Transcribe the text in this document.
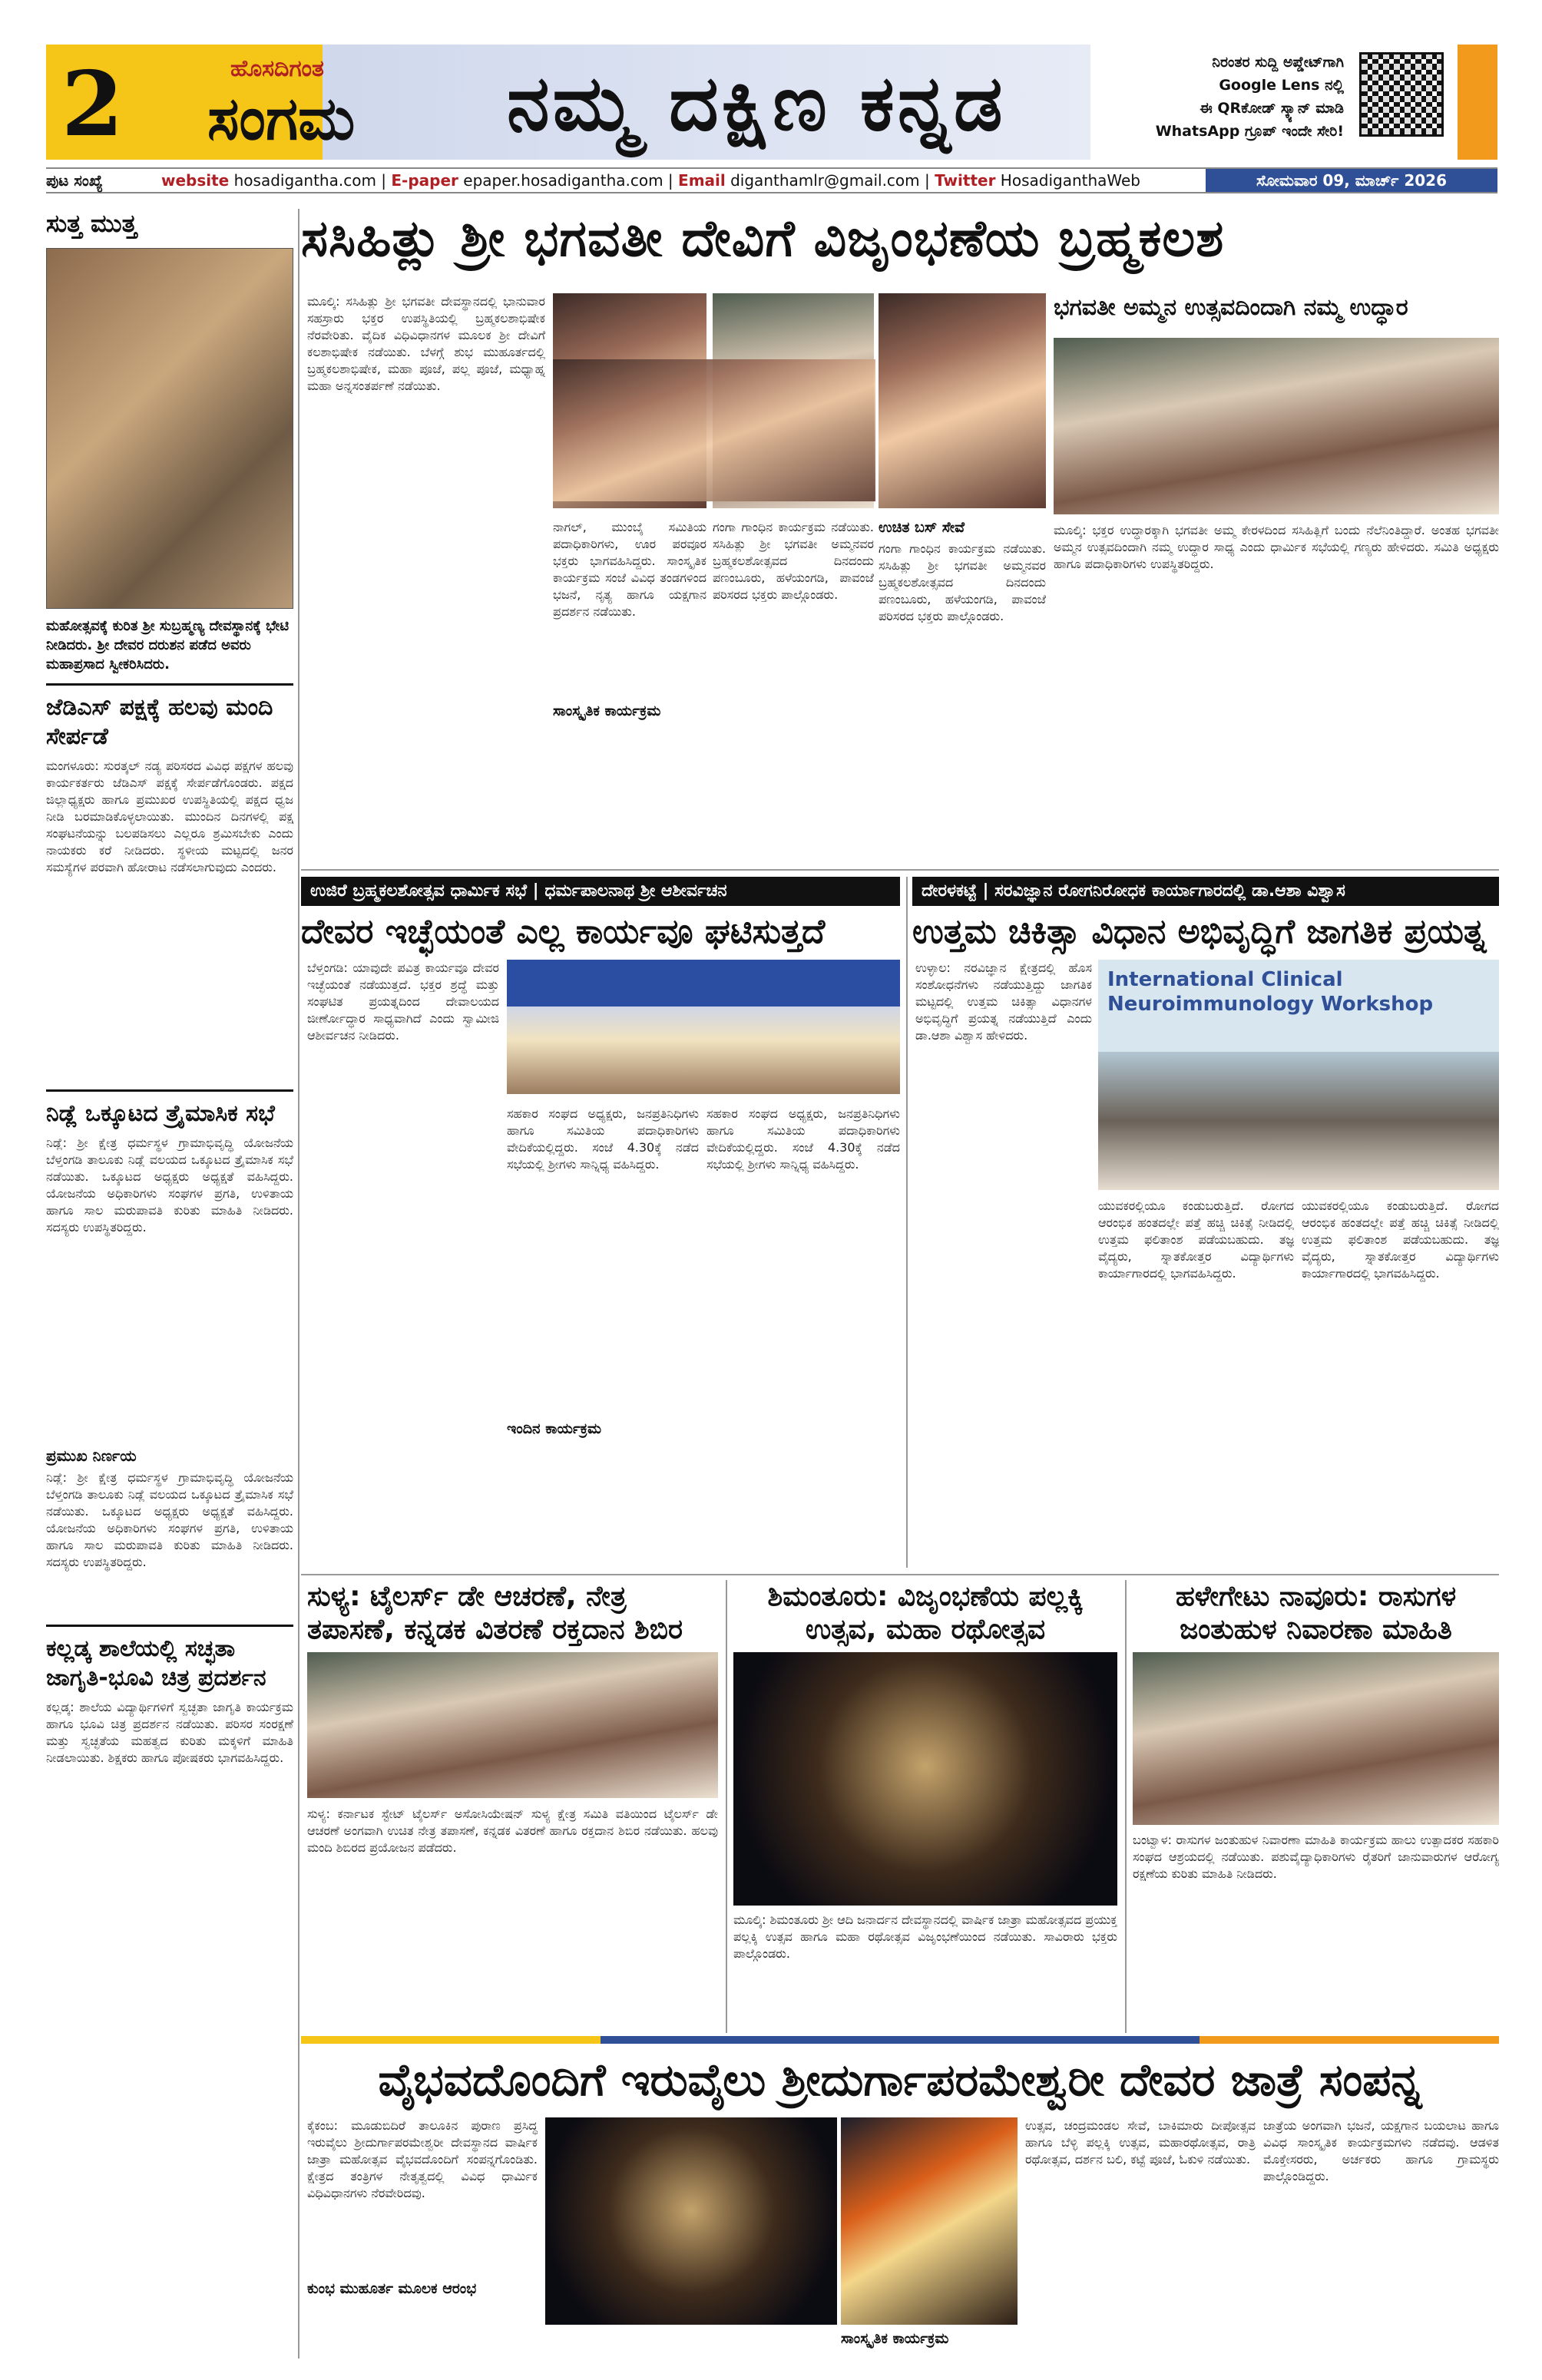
2	ಹೊಸದಿಗಂತ
ಸಂಗಮ ನಮ್ಮ ದಕ್ಷಿಣ ಕನ್ನಡ	ನಿರಂತರ ಸುದ್ದಿ ಅಪ್ಡೇಟ್‌ಗಾಗಿ
Google Lens ನಲ್ಲಿ
ಈ QRಕೋಡ್ ಸ್ಕ್ಯಾನ್ ಮಾಡಿ
WhatsApp ಗ್ರೂಪ್ ಇಂದೇ ಸೇರಿ!
ಪುಟ ಸಂಖ್ಯೆ	website hosadigantha.com | E-paper epaper.hosadigantha.com | Email diganthamlr@gmail.com | Twitter HosadiganthaWeb	ಸೋಮವಾರ 09, ಮಾರ್ಚ್ 2026
ಸುತ್ತ ಮುತ್ತ
ಮಹೋತ್ಸವಕ್ಕೆ ಕುರಿತ ಶ್ರೀ ಸುಬ್ರಹ್ಮಣ್ಯ ದೇವಸ್ಥಾನಕ್ಕೆ ಭೇಟಿ ನೀಡಿದರು. ಶ್ರೀ ದೇವರ ದರುಶನ ಪಡೆದ ಅವರು ಮಹಾಪ್ರಸಾದ ಸ್ವೀಕರಿಸಿದರು.
ಜೆಡಿಎಸ್ ಪಕ್ಷಕ್ಕೆ ಹಲವು ಮಂದಿ ಸೇರ್ಪಡೆ

ಮಂಗಳೂರು: ಸುರತ್ಕಲ್ ನಡ್ಯ ಪರಿಸರದ ವಿವಿಧ ಪಕ್ಷಗಳ ಹಲವು ಕಾರ್ಯಕರ್ತರು ಜೆಡಿಎಸ್ ಪಕ್ಷಕ್ಕೆ ಸೇರ್ಪಡೆಗೊಂಡರು. ಪಕ್ಷದ ಜಿಲ್ಲಾಧ್ಯಕ್ಷರು ಹಾಗೂ ಪ್ರಮುಖರ ಉಪಸ್ಥಿತಿಯಲ್ಲಿ ಪಕ್ಷದ ಧ್ವಜ ನೀಡಿ ಬರಮಾಡಿಕೊಳ್ಳಲಾಯಿತು. ಮುಂದಿನ ದಿನಗಳಲ್ಲಿ ಪಕ್ಷ ಸಂಘಟನೆಯನ್ನು ಬಲಪಡಿಸಲು ಎಲ್ಲರೂ ಶ್ರಮಿಸಬೇಕು ಎಂದು ನಾಯಕರು ಕರೆ ನೀಡಿದರು. ಸ್ಥಳೀಯ ಮಟ್ಟದಲ್ಲಿ ಜನರ ಸಮಸ್ಯೆಗಳ ಪರವಾಗಿ ಹೋರಾಟ ನಡೆಸಲಾಗುವುದು ಎಂದರು.

ನಿಡ್ಲೆ ಒಕ್ಕೂಟದ ತ್ರೈಮಾಸಿಕ ಸಭೆ

ನಿಡ್ಲೆ: ಶ್ರೀ ಕ್ಷೇತ್ರ ಧರ್ಮಸ್ಥಳ ಗ್ರಾಮಾಭಿವೃದ್ಧಿ ಯೋಜನೆಯ ಬೆಳ್ತಂಗಡಿ ತಾಲೂಕು ನಿಡ್ಲೆ ವಲಯದ ಒಕ್ಕೂಟದ ತ್ರೈಮಾಸಿಕ ಸಭೆ ನಡೆಯಿತು. ಒಕ್ಕೂಟದ ಅಧ್ಯಕ್ಷರು ಅಧ್ಯಕ್ಷತೆ ವಹಿಸಿದ್ದರು. ಯೋಜನೆಯ ಅಧಿಕಾರಿಗಳು ಸಂಘಗಳ ಪ್ರಗತಿ, ಉಳಿತಾಯ ಹಾಗೂ ಸಾಲ ಮರುಪಾವತಿ ಕುರಿತು ಮಾಹಿತಿ ನೀಡಿದರು. ಸದಸ್ಯರು ಉಪಸ್ಥಿತರಿದ್ದರು.

ಪ್ರಮುಖ ನಿರ್ಣಯ

ನಿಡ್ಲೆ: ಶ್ರೀ ಕ್ಷೇತ್ರ ಧರ್ಮಸ್ಥಳ ಗ್ರಾಮಾಭಿವೃದ್ಧಿ ಯೋಜನೆಯ ಬೆಳ್ತಂಗಡಿ ತಾಲೂಕು ನಿಡ್ಲೆ ವಲಯದ ಒಕ್ಕೂಟದ ತ್ರೈಮಾಸಿಕ ಸಭೆ ನಡೆಯಿತು. ಒಕ್ಕೂಟದ ಅಧ್ಯಕ್ಷರು ಅಧ್ಯಕ್ಷತೆ ವಹಿಸಿದ್ದರು. ಯೋಜನೆಯ ಅಧಿಕಾರಿಗಳು ಸಂಘಗಳ ಪ್ರಗತಿ, ಉಳಿತಾಯ ಹಾಗೂ ಸಾಲ ಮರುಪಾವತಿ ಕುರಿತು ಮಾಹಿತಿ ನೀಡಿದರು. ಸದಸ್ಯರು ಉಪಸ್ಥಿತರಿದ್ದರು.

ಕಲ್ಲಡ್ಕ ಶಾಲೆಯಲ್ಲಿ ಸಚ್ಛತಾ ಜಾಗೃತಿ-ಭೂವಿ ಚಿತ್ರ ಪ್ರದರ್ಶನ

ಕಲ್ಲಡ್ಕ: ಶಾಲೆಯ ವಿದ್ಯಾರ್ಥಿಗಳಿಗೆ ಸ್ವಚ್ಛತಾ ಜಾಗೃತಿ ಕಾರ್ಯಕ್ರಮ ಹಾಗೂ ಭೂವಿ ಚಿತ್ರ ಪ್ರದರ್ಶನ ನಡೆಯಿತು. ಪರಿಸರ ಸಂರಕ್ಷಣೆ ಮತ್ತು ಸ್ವಚ್ಛತೆಯ ಮಹತ್ವದ ಕುರಿತು ಮಕ್ಕಳಿಗೆ ಮಾಹಿತಿ ನೀಡಲಾಯಿತು. ಶಿಕ್ಷಕರು ಹಾಗೂ ಪೋಷಕರು ಭಾಗವಹಿಸಿದ್ದರು.

ಸಸಿಹಿತ್ಲು ಶ್ರೀ ಭಗವತೀ ದೇವಿಗೆ ವಿಜೃಂಭಣೆಯ ಬ್ರಹ್ಮಕಲಶ

ಮೂಲ್ಕಿ: ಸಸಿಹಿತ್ಲು ಶ್ರೀ ಭಗವತೀ ದೇವಸ್ಥಾನದಲ್ಲಿ ಭಾನುವಾರ ಸಹಸ್ರಾರು ಭಕ್ತರ ಉಪಸ್ಥಿತಿಯಲ್ಲಿ ಬ್ರಹ್ಮಕಲಶಾಭಿಷೇಕ ನೆರವೇರಿತು. ವೈದಿಕ ವಿಧಿವಿಧಾನಗಳ ಮೂಲಕ ಶ್ರೀ ದೇವಿಗೆ ಕಲಶಾಭಿಷೇಕ ನಡೆಯಿತು. ಬೆಳಗ್ಗೆ ಶುಭ ಮುಹೂರ್ತದಲ್ಲಿ ಬ್ರಹ್ಮಕಲಶಾಭಿಷೇಕ, ಮಹಾ ಪೂಜೆ, ಪಲ್ಲ ಪೂಜೆ, ಮಧ್ಯಾಹ್ನ ಮಹಾ ಅನ್ನಸಂತರ್ಪಣೆ ನಡೆಯಿತು.

ಭಗವತೀ ಅಮ್ಮನ ಉತ್ಸವದಿಂದಾಗಿ ನಮ್ಮ ಉದ್ಧಾರ

ನಾಗಲ್, ಮುಂಬೈ ಸಮಿತಿಯ ಪದಾಧಿಕಾರಿಗಳು, ಊರ ಪರವೂರ ಭಕ್ತರು ಭಾಗವಹಿಸಿದ್ದರು. ಸಾಂಸ್ಕೃತಿಕ ಕಾರ್ಯಕ್ರಮ ಸಂಜೆ ವಿವಿಧ ತಂಡಗಳಿಂದ ಭಜನೆ, ನೃತ್ಯ ಹಾಗೂ ಯಕ್ಷಗಾನ ಪ್ರದರ್ಶನ ನಡೆಯಿತು.

ಸಾಂಸ್ಕೃತಿಕ ಕಾರ್ಯಕ್ರಮ

ಗಂಗಾ ಗಾಂಧಿನ ಕಾರ್ಯಕ್ರಮ ನಡೆಯಿತು. ಸಸಿಹಿತ್ಲು ಶ್ರೀ ಭಗವತೀ ಅಮ್ಮನವರ ಬ್ರಹ್ಮಕಲಶೋತ್ಸವದ ದಿನದಂದು ಪಣಂಬೂರು, ಹಳೆಯಂಗಡಿ, ಪಾವಂಜೆ ಪರಿಸರದ ಭಕ್ತರು ಪಾಲ್ಗೊಂಡರು.

ಉಚಿತ ಬಸ್ ಸೇವೆ

ಗಂಗಾ ಗಾಂಧಿನ ಕಾರ್ಯಕ್ರಮ ನಡೆಯಿತು. ಸಸಿಹಿತ್ಲು ಶ್ರೀ ಭಗವತೀ ಅಮ್ಮನವರ ಬ್ರಹ್ಮಕಲಶೋತ್ಸವದ ದಿನದಂದು ಪಣಂಬೂರು, ಹಳೆಯಂಗಡಿ, ಪಾವಂಜೆ ಪರಿಸರದ ಭಕ್ತರು ಪಾಲ್ಗೊಂಡರು.

ಮೂಲ್ಕಿ: ಭಕ್ತರ ಉದ್ಧಾರಕ್ಕಾಗಿ ಭಗವತೀ ಅಮ್ಮ ಕೇರಳದಿಂದ ಸಸಿಹಿತ್ಲಿಗೆ ಬಂದು ನೆಲೆನಿಂತಿದ್ದಾರೆ. ಅಂತಹ ಭಗವತೀ ಅಮ್ಮನ ಉತ್ಸವದಿಂದಾಗಿ ನಮ್ಮ ಉದ್ಧಾರ ಸಾಧ್ಯ ಎಂದು ಧಾರ್ಮಿಕ ಸಭೆಯಲ್ಲಿ ಗಣ್ಯರು ಹೇಳಿದರು. ಸಮಿತಿ ಅಧ್ಯಕ್ಷರು ಹಾಗೂ ಪದಾಧಿಕಾರಿಗಳು ಉಪಸ್ಥಿತರಿದ್ದರು.

ಉಜಿರೆ ಬ್ರಹ್ಮಕಲಶೋತ್ಸವ ಧಾರ್ಮಿಕ ಸಭೆ | ಧರ್ಮಪಾಲನಾಥ ಶ್ರೀ ಆಶೀರ್ವಚನ
ದೇವರ ಇಚ್ಛೆಯಂತೆ ಎಲ್ಲ ಕಾರ್ಯವೂ ಘಟಿಸುತ್ತದೆ

ಬೆಳ್ತಂಗಡಿ: ಯಾವುದೇ ಪವಿತ್ರ ಕಾರ್ಯವೂ ದೇವರ ಇಚ್ಛೆಯಂತೆ ನಡೆಯುತ್ತದೆ. ಭಕ್ತರ ಶ್ರದ್ಧೆ ಮತ್ತು ಸಂಘಟಿತ ಪ್ರಯತ್ನದಿಂದ ದೇವಾಲಯದ ಜೀರ್ಣೋದ್ಧಾರ ಸಾಧ್ಯವಾಗಿದೆ ಎಂದು ಸ್ವಾಮೀಜಿ ಆಶೀರ್ವಚನ ನೀಡಿದರು.

ಸಹಕಾರ ಸಂಘದ ಅಧ್ಯಕ್ಷರು, ಜನಪ್ರತಿನಿಧಿಗಳು ಹಾಗೂ ಸಮಿತಿಯ ಪದಾಧಿಕಾರಿಗಳು ವೇದಿಕೆಯಲ್ಲಿದ್ದರು. ಸಂಜೆ 4.30ಕ್ಕೆ ನಡೆದ ಸಭೆಯಲ್ಲಿ ಶ್ರೀಗಳು ಸಾನ್ನಿಧ್ಯ ವಹಿಸಿದ್ದರು.

ಇಂದಿನ ಕಾರ್ಯಕ್ರಮ

ಸಹಕಾರ ಸಂಘದ ಅಧ್ಯಕ್ಷರು, ಜನಪ್ರತಿನಿಧಿಗಳು ಹಾಗೂ ಸಮಿತಿಯ ಪದಾಧಿಕಾರಿಗಳು ವೇದಿಕೆಯಲ್ಲಿದ್ದರು. ಸಂಜೆ 4.30ಕ್ಕೆ ನಡೆದ ಸಭೆಯಲ್ಲಿ ಶ್ರೀಗಳು ಸಾನ್ನಿಧ್ಯ ವಹಿಸಿದ್ದರು.

ದೇರಳಕಟ್ಟೆ | ಸರವಿಜ್ಞಾನ ರೋಗನಿರೋಧಕ ಕಾರ್ಯಾಗಾರದಲ್ಲಿ ಡಾ.ಆಶಾ ವಿಶ್ವಾಸ
ಉತ್ತಮ ಚಿಕಿತ್ಸಾ ವಿಧಾನ ಅಭಿವೃದ್ಧಿಗೆ ಜಾಗತಿಕ ಪ್ರಯತ್ನ

ಉಳ್ಳಾಲ: ನರವಿಜ್ಞಾನ ಕ್ಷೇತ್ರದಲ್ಲಿ ಹೊಸ ಸಂಶೋಧನೆಗಳು ನಡೆಯುತ್ತಿದ್ದು ಜಾಗತಿಕ ಮಟ್ಟದಲ್ಲಿ ಉತ್ತಮ ಚಿಕಿತ್ಸಾ ವಿಧಾನಗಳ ಅಭಿವೃದ್ಧಿಗೆ ಪ್ರಯತ್ನ ನಡೆಯುತ್ತಿದೆ ಎಂದು ಡಾ.ಆಶಾ ವಿಶ್ವಾಸ ಹೇಳಿದರು.

International Clinical Neuroimmunology Workshop

ಯುವಕರಲ್ಲಿಯೂ ಕಂಡುಬರುತ್ತಿದೆ. ರೋಗದ ಆರಂಭಿಕ ಹಂತದಲ್ಲೇ ಪತ್ತೆ ಹಚ್ಚಿ ಚಿಕಿತ್ಸೆ ನೀಡಿದಲ್ಲಿ ಉತ್ತಮ ಫಲಿತಾಂಶ ಪಡೆಯಬಹುದು. ತಜ್ಞ ವೈದ್ಯರು, ಸ್ನಾತಕೋತ್ತರ ವಿದ್ಯಾರ್ಥಿಗಳು ಕಾರ್ಯಾಗಾರದಲ್ಲಿ ಭಾಗವಹಿಸಿದ್ದರು.

ಯುವಕರಲ್ಲಿಯೂ ಕಂಡುಬರುತ್ತಿದೆ. ರೋಗದ ಆರಂಭಿಕ ಹಂತದಲ್ಲೇ ಪತ್ತೆ ಹಚ್ಚಿ ಚಿಕಿತ್ಸೆ ನೀಡಿದಲ್ಲಿ ಉತ್ತಮ ಫಲಿತಾಂಶ ಪಡೆಯಬಹುದು. ತಜ್ಞ ವೈದ್ಯರು, ಸ್ನಾತಕೋತ್ತರ ವಿದ್ಯಾರ್ಥಿಗಳು ಕಾರ್ಯಾಗಾರದಲ್ಲಿ ಭಾಗವಹಿಸಿದ್ದರು.

ಸುಳ್ಯ: ಟೈಲರ್ಸ್ ಡೇ ಆಚರಣೆ, ನೇತ್ರ ತಪಾಸಣೆ, ಕನ್ನಡಕ ವಿತರಣೆ ರಕ್ತದಾನ ಶಿಬಿರ

ಸುಳ್ಯ: ಕರ್ನಾಟಕ ಸ್ಟೇಟ್ ಟೈಲರ್ಸ್ ಅಸೋಸಿಯೇಷನ್ ಸುಳ್ಯ ಕ್ಷೇತ್ರ ಸಮಿತಿ ವತಿಯಿಂದ ಟೈಲರ್ಸ್ ಡೇ ಆಚರಣೆ ಅಂಗವಾಗಿ ಉಚಿತ ನೇತ್ರ ತಪಾಸಣೆ, ಕನ್ನಡಕ ವಿತರಣೆ ಹಾಗೂ ರಕ್ತದಾನ ಶಿಬಿರ ನಡೆಯಿತು. ಹಲವು ಮಂದಿ ಶಿಬಿರದ ಪ್ರಯೋಜನ ಪಡೆದರು.

ಶಿಮಂತೂರು: ವಿಜೃಂಭಣೆಯ ಪಲ್ಲಕ್ಕಿ ಉತ್ಸವ, ಮಹಾ ರಥೋತ್ಸವ

ಮೂಲ್ಕಿ: ಶಿಮಂತೂರು ಶ್ರೀ ಆದಿ ಜನಾರ್ದನ ದೇವಸ್ಥಾನದಲ್ಲಿ ವಾರ್ಷಿಕ ಜಾತ್ರಾ ಮಹೋತ್ಸವದ ಪ್ರಯುಕ್ತ ಪಲ್ಲಕ್ಕಿ ಉತ್ಸವ ಹಾಗೂ ಮಹಾ ರಥೋತ್ಸವ ವಿಜೃಂಭಣೆಯಿಂದ ನಡೆಯಿತು. ಸಾವಿರಾರು ಭಕ್ತರು ಪಾಲ್ಗೊಂಡರು.

ಹಳೇಗೇಟು ನಾವೂರು: ರಾಸುಗಳ ಜಂತುಹುಳ ನಿವಾರಣಾ ಮಾಹಿತಿ

ಬಂಟ್ವಾಳ: ರಾಸುಗಳ ಜಂತುಹುಳ ನಿವಾರಣಾ ಮಾಹಿತಿ ಕಾರ್ಯಕ್ರಮ ಹಾಲು ಉತ್ಪಾದಕರ ಸಹಕಾರಿ ಸಂಘದ ಆಶ್ರಯದಲ್ಲಿ ನಡೆಯಿತು. ಪಶುವೈದ್ಯಾಧಿಕಾರಿಗಳು ರೈತರಿಗೆ ಜಾನುವಾರುಗಳ ಆರೋಗ್ಯ ರಕ್ಷಣೆಯ ಕುರಿತು ಮಾಹಿತಿ ನೀಡಿದರು.

ವೈಭವದೊಂದಿಗೆ ಇರುವೈಲು ಶ್ರೀದುರ್ಗಾಪರಮೇಶ್ವರೀ ದೇವರ ಜಾತ್ರೆ ಸಂಪನ್ನ

ಕೈಕಂಬ: ಮೂಡುಬಿದಿರೆ ತಾಲೂಕಿನ ಪುರಾಣ ಪ್ರಸಿದ್ಧ ಇರುವೈಲು ಶ್ರೀದುರ್ಗಾಪರಮೇಶ್ವರೀ ದೇವಸ್ಥಾನದ ವಾರ್ಷಿಕ ಜಾತ್ರಾ ಮಹೋತ್ಸವ ವೈಭವದೊಂದಿಗೆ ಸಂಪನ್ನಗೊಂಡಿತು. ಕ್ಷೇತ್ರದ ತಂತ್ರಿಗಳ ನೇತೃತ್ವದಲ್ಲಿ ವಿವಿಧ ಧಾರ್ಮಿಕ ವಿಧಿವಿಧಾನಗಳು ನೆರವೇರಿದವು.

ಕುಂಭ ಮುಹೂರ್ತ ಮೂಲಕ ಆರಂಭ

ಉತ್ಸವ, ಚಂದ್ರಮಂಡಲ ಸೇವೆ, ಬಾಕಿಮಾರು ದೀಪೋತ್ಸವ ಹಾಗೂ ಬೆಳ್ಳಿ ಪಲ್ಲಕ್ಕಿ ಉತ್ಸವ, ಮಹಾರಥೋತ್ಸವ, ರಾತ್ರಿ ರಥೋತ್ಸವ, ದರ್ಶನ ಬಲಿ, ಕಟ್ಟೆ ಪೂಜೆ, ಓಕುಳಿ ನಡೆಯಿತು.

ಸಾಂಸ್ಕೃತಿಕ ಕಾರ್ಯಕ್ರಮ

ಜಾತ್ರೆಯ ಅಂಗವಾಗಿ ಭಜನೆ, ಯಕ್ಷಗಾನ ಬಯಲಾಟ ಹಾಗೂ ವಿವಿಧ ಸಾಂಸ್ಕೃತಿಕ ಕಾರ್ಯಕ್ರಮಗಳು ನಡೆದವು. ಆಡಳಿತ ಮೊಕ್ತೇಸರರು, ಅರ್ಚಕರು ಹಾಗೂ ಗ್ರಾಮಸ್ಥರು ಪಾಲ್ಗೊಂಡಿದ್ದರು.
